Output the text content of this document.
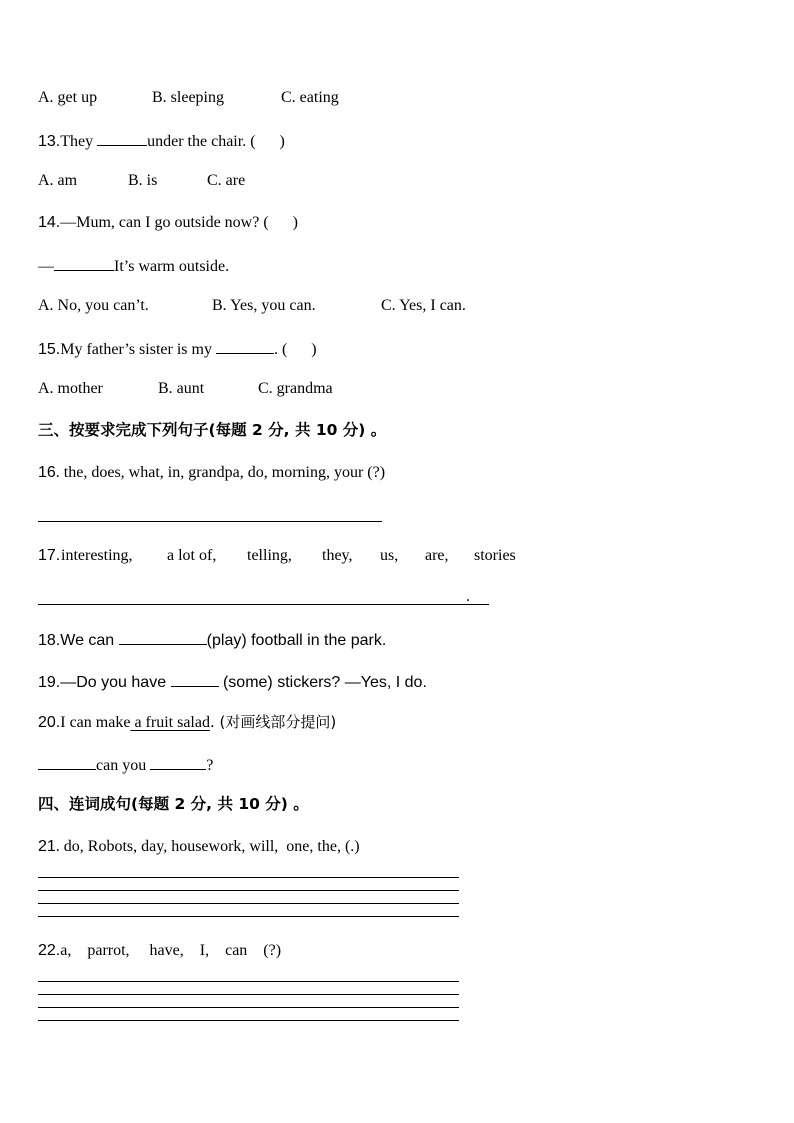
A. get up	B. sleeping	C. eating
13.They	under the chair. (      )
A. am	B. is	C. are
14.—Mum, can I go outside now? (      )
—	It’s warm outside.
A. No, you can’t.	B. Yes, you can.	C. Yes, I can.
15.My father’s sister is my	. (      )
A. mother	B. aunt	C. grandma
三、按要求完成下列句子(每题 2 分, 共 10 分) 。
16. the, does, what, in, grandpa, do, morning, your (?)
17. interesting, a lot of, telling, they, us, are, stories
.
18.We can	(play) football in the park.
19.—Do you have	(some) stickers? —Yes, I do.
20.I can make a fruit salad. (对画线部分提问)
can you	?
四、连词成句(每题 2 分, 共 10 分) 。
21. do, Robots, day, housework, will,  one, the, (.)
22.a,    parrot,     have,    I,    can    (?)
